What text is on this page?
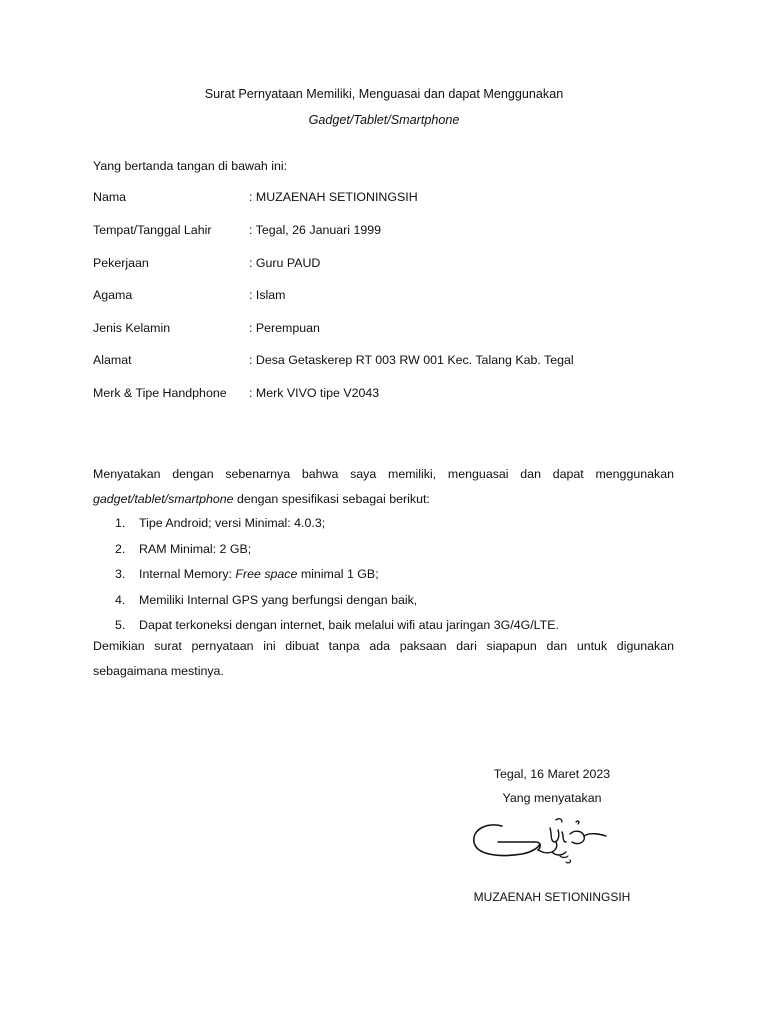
Surat Pernyataan Memiliki, Menguasai dan dapat Menggunakan
Gadget/Tablet/Smartphone
Yang bertanda tangan di bawah ini:
Nama	: MUZAENAH SETIONINGSIH
Tempat/Tanggal Lahir	: Tegal, 26 Januari 1999
Pekerjaan	: Guru PAUD
Agama	: Islam
Jenis Kelamin	: Perempuan
Alamat	: Desa Getaskerep RT 003 RW 001 Kec. Talang Kab. Tegal
Merk & Tipe Handphone : Merk VIVO tipe V2043
Menyatakan dengan sebenarnya bahwa saya memiliki, menguasai dan dapat menggunakan
gadget/tablet/smartphone dengan spesifikasi sebagai berikut:
1. Tipe Android; versi Minimal: 4.0.3;
2. RAM Minimal: 2 GB;
3. Internal Memory: Free space minimal 1 GB;
4. Memiliki Internal GPS yang berfungsi dengan baik,
5. Dapat terkoneksi dengan internet, baik melalui wifi atau jaringan 3G/4G/LTE.
Demikian surat pernyataan ini dibuat tanpa ada paksaan dari siapapun dan untuk digunakan
sebagaimana mestinya.
Tegal, 16 Maret 2023
Yang menyatakan
MUZAENAH SETIONINGSIH
